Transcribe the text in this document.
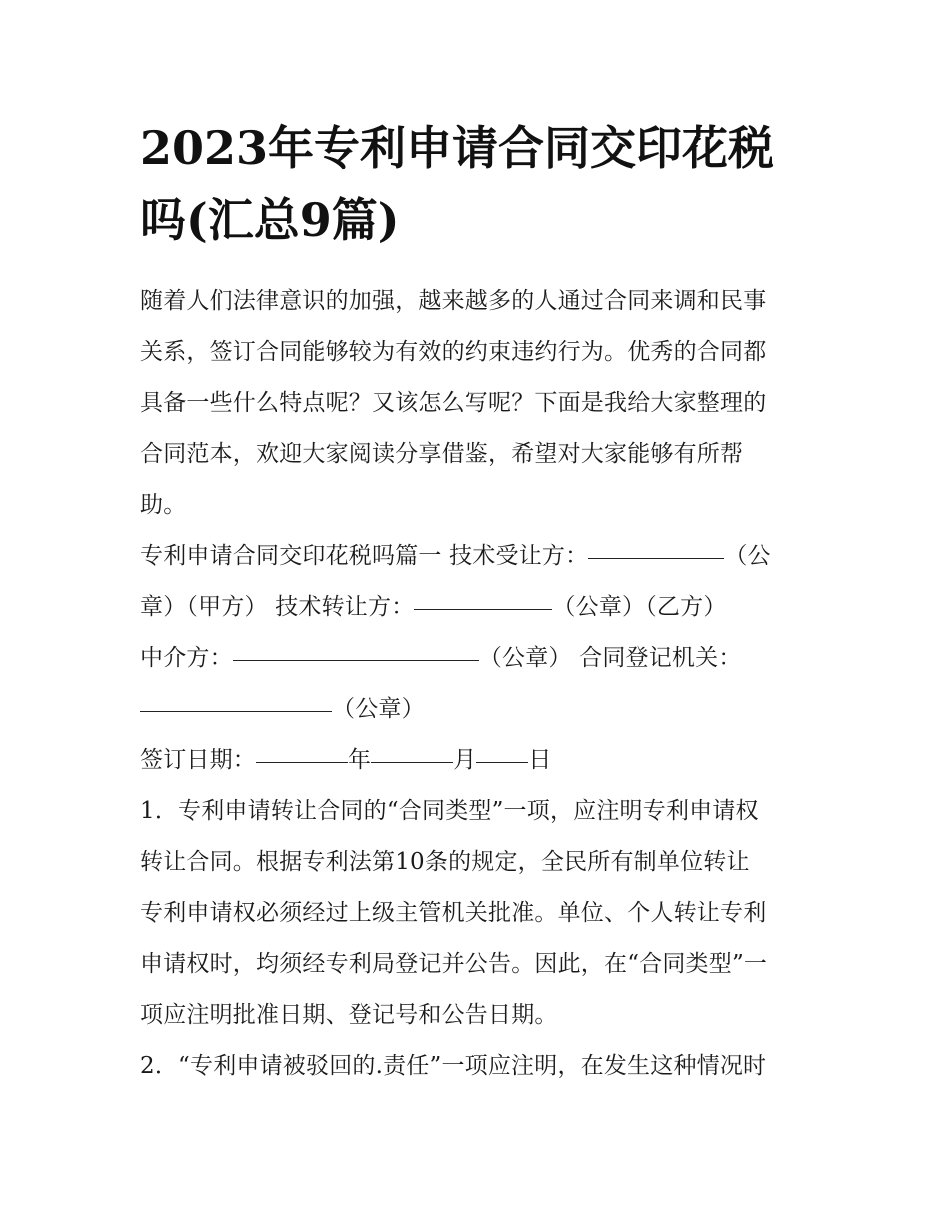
2023年专利申请合同交印花税
吗(汇总9篇)

随着人们法律意识的加强，越来越多的人通过合同来调和民事
关系，签订合同能够较为有效的约束违约行为。优秀的合同都
具备一些什么特点呢？又该怎么写呢？下面是我给大家整理的
合同范本，欢迎大家阅读分享借鉴，希望对大家能够有所帮
助。

专利申请合同交印花税吗篇一 技术受让方：	（公
章）（甲方） 技术转让方：	（公章）（乙方）
中介方：	（公章） 合同登记机关：
（公章）
签订日期：	年	月 日

1．专利申请转让合同的“合同类型”一项，应注明专利申请权
转让合同。根据专利法第10条的规定，全民所有制单位转让
专利申请权必须经过上级主管机关批准。单位、个人转让专利
申请权时，均须经专利局登记并公告。因此，在“合同类型”一
项应注明批准日期、登记号和公告日期。

2．“专利申请被驳回的.责任”一项应注明，在发生这种情况时
